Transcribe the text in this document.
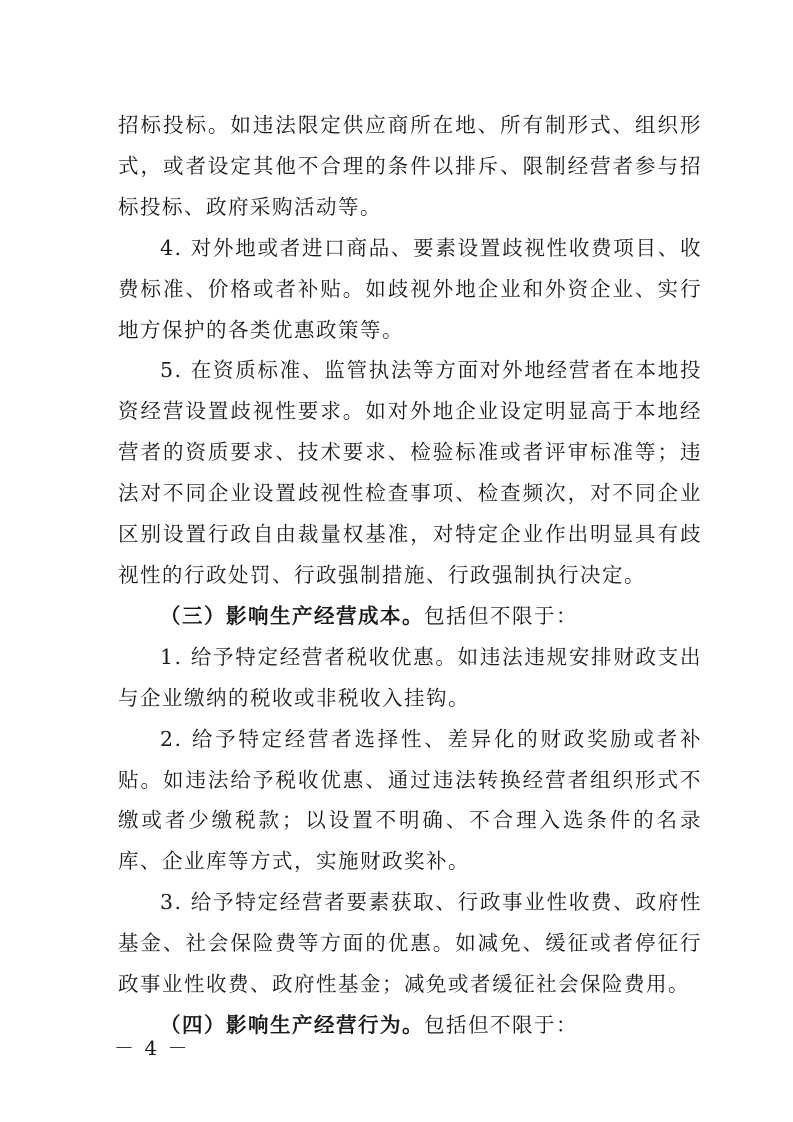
招标投标。如违法限定供应商所在地、所有制形式、组织形式，或者设定其他不合理的条件以排斥、限制经营者参与招标投标、政府采购活动等。

4. 对外地或者进口商品、要素设置歧视性收费项目、收费标准、价格或者补贴。如歧视外地企业和外资企业、实行地方保护的各类优惠政策等。

5. 在资质标准、监管执法等方面对外地经营者在本地投资经营设置歧视性要求。如对外地企业设定明显高于本地经营者的资质要求、技术要求、检验标准或者评审标准等；违法对不同企业设置歧视性检查事项、检查频次，对不同企业区别设置行政自由裁量权基准，对特定企业作出明显具有歧视性的行政处罚、行政强制措施、行政强制执行决定。

（三）影响生产经营成本。包括但不限于：

1. 给予特定经营者税收优惠。如违法违规安排财政支出与企业缴纳的税收或非税收入挂钩。

2. 给予特定经营者选择性、差异化的财政奖励或者补贴。如违法给予税收优惠、通过违法转换经营者组织形式不缴或者少缴税款；以设置不明确、不合理入选条件的名录库、企业库等方式，实施财政奖补。

3. 给予特定经营者要素获取、行政事业性收费、政府性基金、社会保险费等方面的优惠。如减免、缓征或者停征行政事业性收费、政府性基金；减免或者缓征社会保险费用。

（四）影响生产经营行为。包括但不限于：

－ 4 －
